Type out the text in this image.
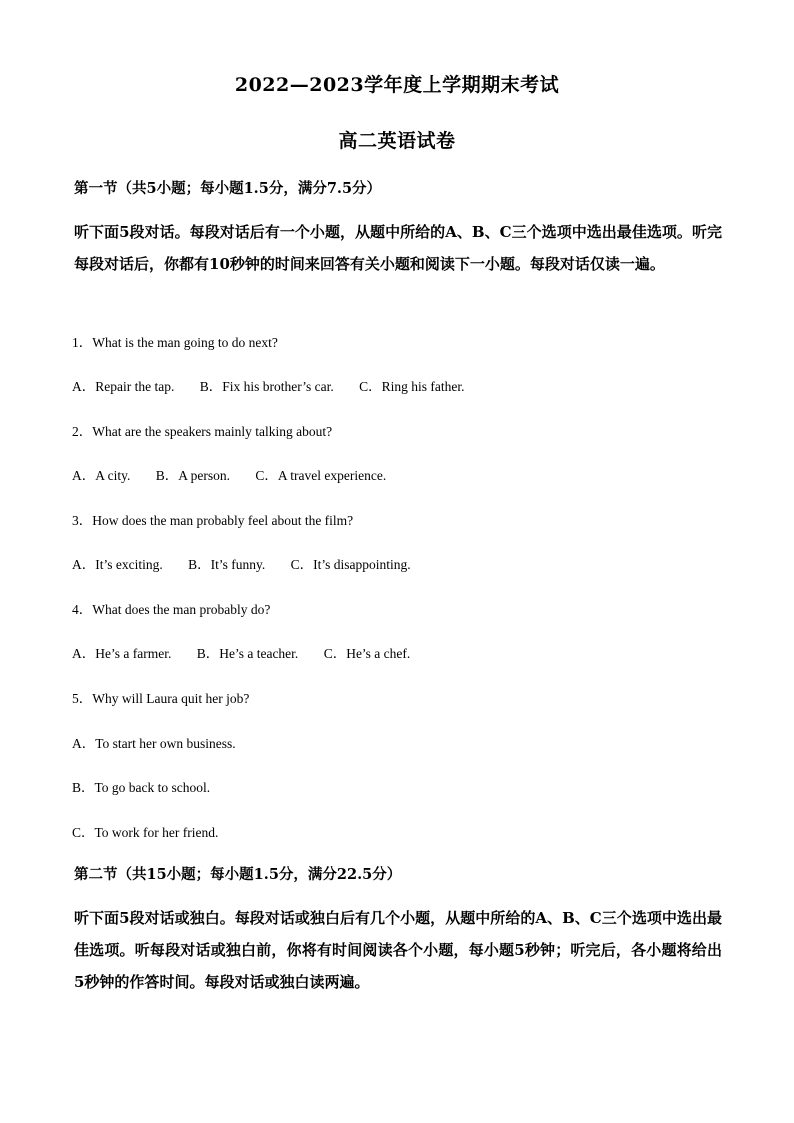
2022—2023学年度上学期期末考试
高二英语试卷
第一节（共5小题；每小题1.5分，满分7.5分）
听下面5段对话。每段对话后有一个小题，从题中所给的A、B、C三个选项中选出最佳选项。听完每段对话后，你都有10秒钟的时间来回答有关小题和阅读下一小题。每段对话仅读一遍。
1．What is the man going to do next?
A．Repair the tap. B．Fix his brother’s car. C．Ring his father.
2．What are the speakers mainly talking about?
A．A city. B．A person. C．A travel experience.
3．How does the man probably feel about the film?
A．It’s exciting. B．It’s funny. C．It’s disappointing.
4．What does the man probably do?
A．He’s a farmer. B．He’s a teacher. C．He’s a chef.
5．Why will Laura quit her job?
A．To start her own business.
B．To go back to school.
C．To work for her friend.
第二节（共15小题；每小题1.5分，满分22.5分）
听下面5段对话或独白。每段对话或独白后有几个小题，从题中所给的A、B、C三个选项中选出最佳选项。听每段对话或独白前，你将有时间阅读各个小题，每小题5秒钟；听完后，各小题将给出5秒钟的作答时间。每段对话或独白读两遍。
